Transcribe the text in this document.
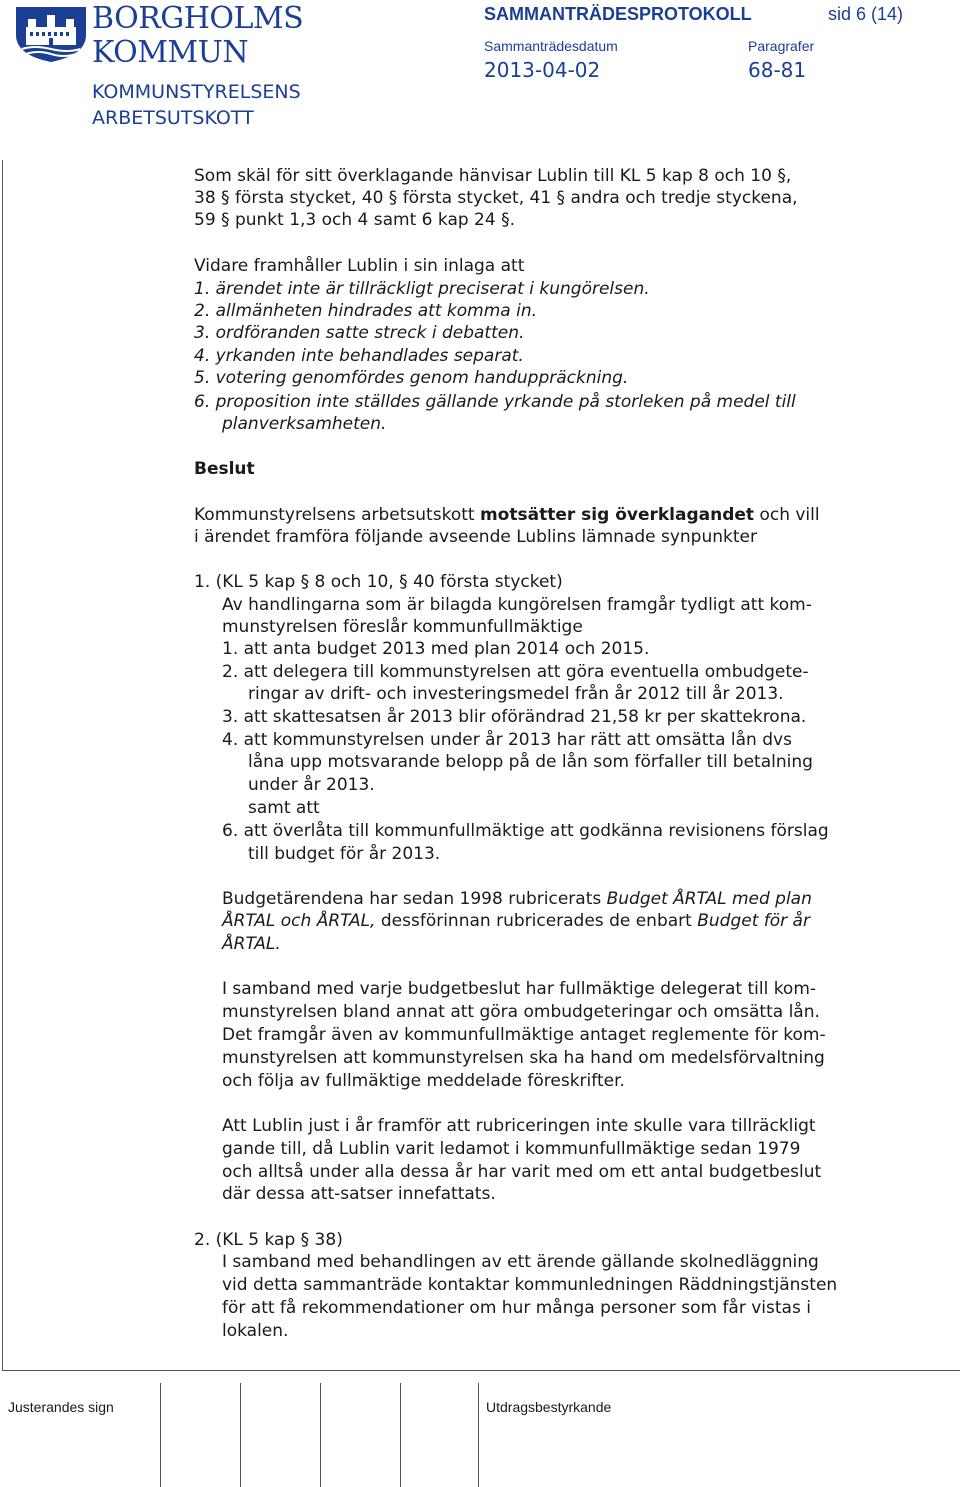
BORGHOLMS
KOMMUN
KOMMUNSTYRELSENS
ARBETSUTSKOTT
SAMMANTRÄDESPROTOKOLL	sid 6 (14)
Sammanträdesdatum	Paragrafer
2013-04-02	68-81
Som skäl för sitt överklagande hänvisar Lublin till KL 5 kap 8 och 10 §,
38 § första stycket, 40 § första stycket, 41 § andra och tredje styckena,
59 § punkt 1,3 och 4 samt 6 kap 24 §.
Vidare framhåller Lublin i sin inlaga att
1. ärendet inte är tillräckligt preciserat i kungörelsen.
2. allmänheten hindrades att komma in.
3. ordföranden satte streck i debatten.
4. yrkanden inte behandlades separat.
5. votering genomfördes genom handuppräckning.
6. proposition inte ställdes gällande yrkande på storleken på medel till
planverksamheten.
Beslut
Kommunstyrelsens arbetsutskott motsätter sig överklagandet och vill
i ärendet framföra följande avseende Lublins lämnade synpunkter
1. (KL 5 kap § 8 och 10, § 40 första stycket)
Av handlingarna som är bilagda kungörelsen framgår tydligt att kom-
munstyrelsen föreslår kommunfullmäktige
1. att anta budget 2013 med plan 2014 och 2015.
2. att delegera till kommunstyrelsen att göra eventuella ombudgete-
ringar av drift- och investeringsmedel från år 2012 till år 2013.
3. att skattesatsen år 2013 blir oförändrad 21,58 kr per skattekrona.
4. att kommunstyrelsen under år 2013 har rätt att omsätta lån dvs
låna upp motsvarande belopp på de lån som förfaller till betalning
under år 2013.
samt att
6. att överlåta till kommunfullmäktige att godkänna revisionens förslag
till budget för år 2013.
Budgetärendena har sedan 1998 rubricerats Budget ÅRTAL med plan
ÅRTAL och ÅRTAL, dessförinnan rubricerades de enbart Budget för år
ÅRTAL.
I samband med varje budgetbeslut har fullmäktige delegerat till kom-
munstyrelsen bland annat att göra ombudgeteringar och omsätta lån.
Det framgår även av kommunfullmäktige antaget reglemente för kom-
munstyrelsen att kommunstyrelsen ska ha hand om medelsförvaltning
och följa av fullmäktige meddelade föreskrifter.
Att Lublin just i år framför att rubriceringen inte skulle vara tillräckligt
gande till, då Lublin varit ledamot i kommunfullmäktige sedan 1979
och alltså under alla dessa år har varit med om ett antal budgetbeslut
där dessa att-satser innefattats.
2. (KL 5 kap § 38)
I samband med behandlingen av ett ärende gällande skolnedläggning
vid detta sammanträde kontaktar kommunledningen Räddningstjänsten
för att få rekommendationer om hur många personer som får vistas i
lokalen.
Justerandes sign	Utdragsbestyrkande
